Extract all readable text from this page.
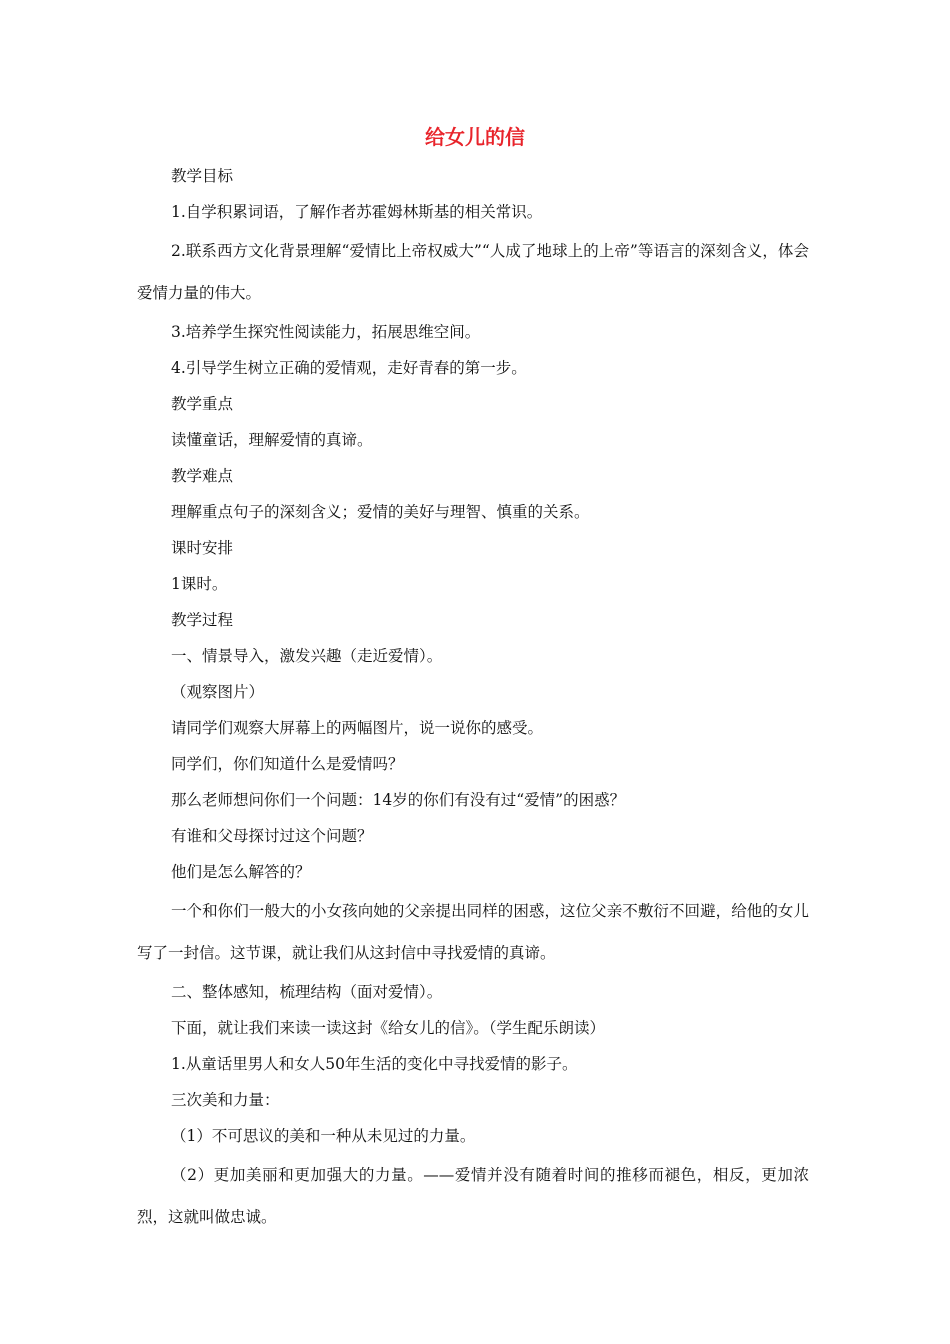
给女儿的信

教学目标

1.自学积累词语，了解作者苏霍姆林斯基的相关常识。

2.联系西方文化背景理解“爱情比上帝权威大”“人成了地球上的上帝”等语言的深刻含义，体会爱情力量的伟大。

3.培养学生探究性阅读能力，拓展思维空间。

4.引导学生树立正确的爱情观，走好青春的第一步。

教学重点

读懂童话，理解爱情的真谛。

教学难点

理解重点句子的深刻含义；爱情的美好与理智、慎重的关系。

课时安排

1课时。

教学过程

一、情景导入，激发兴趣（走近爱情）。

（观察图片）

请同学们观察大屏幕上的两幅图片，说一说你的感受。

同学们，你们知道什么是爱情吗？

那么老师想问你们一个问题：14岁的你们有没有过“爱情”的困惑？

有谁和父母探讨过这个问题？

他们是怎么解答的？

一个和你们一般大的小女孩向她的父亲提出同样的困惑，这位父亲不敷衍不回避，给他的女儿写了一封信。这节课，就让我们从这封信中寻找爱情的真谛。

二、整体感知，梳理结构（面对爱情）。

下面，就让我们来读一读这封《给女儿的信》。（学生配乐朗读）

1.从童话里男人和女人50年生活的变化中寻找爱情的影子。

三次美和力量：

（1）不可思议的美和一种从未见过的力量。

（2）更加美丽和更加强大的力量。——爱情并没有随着时间的推移而褪色，相反，更加浓烈，这就叫做忠诚。
